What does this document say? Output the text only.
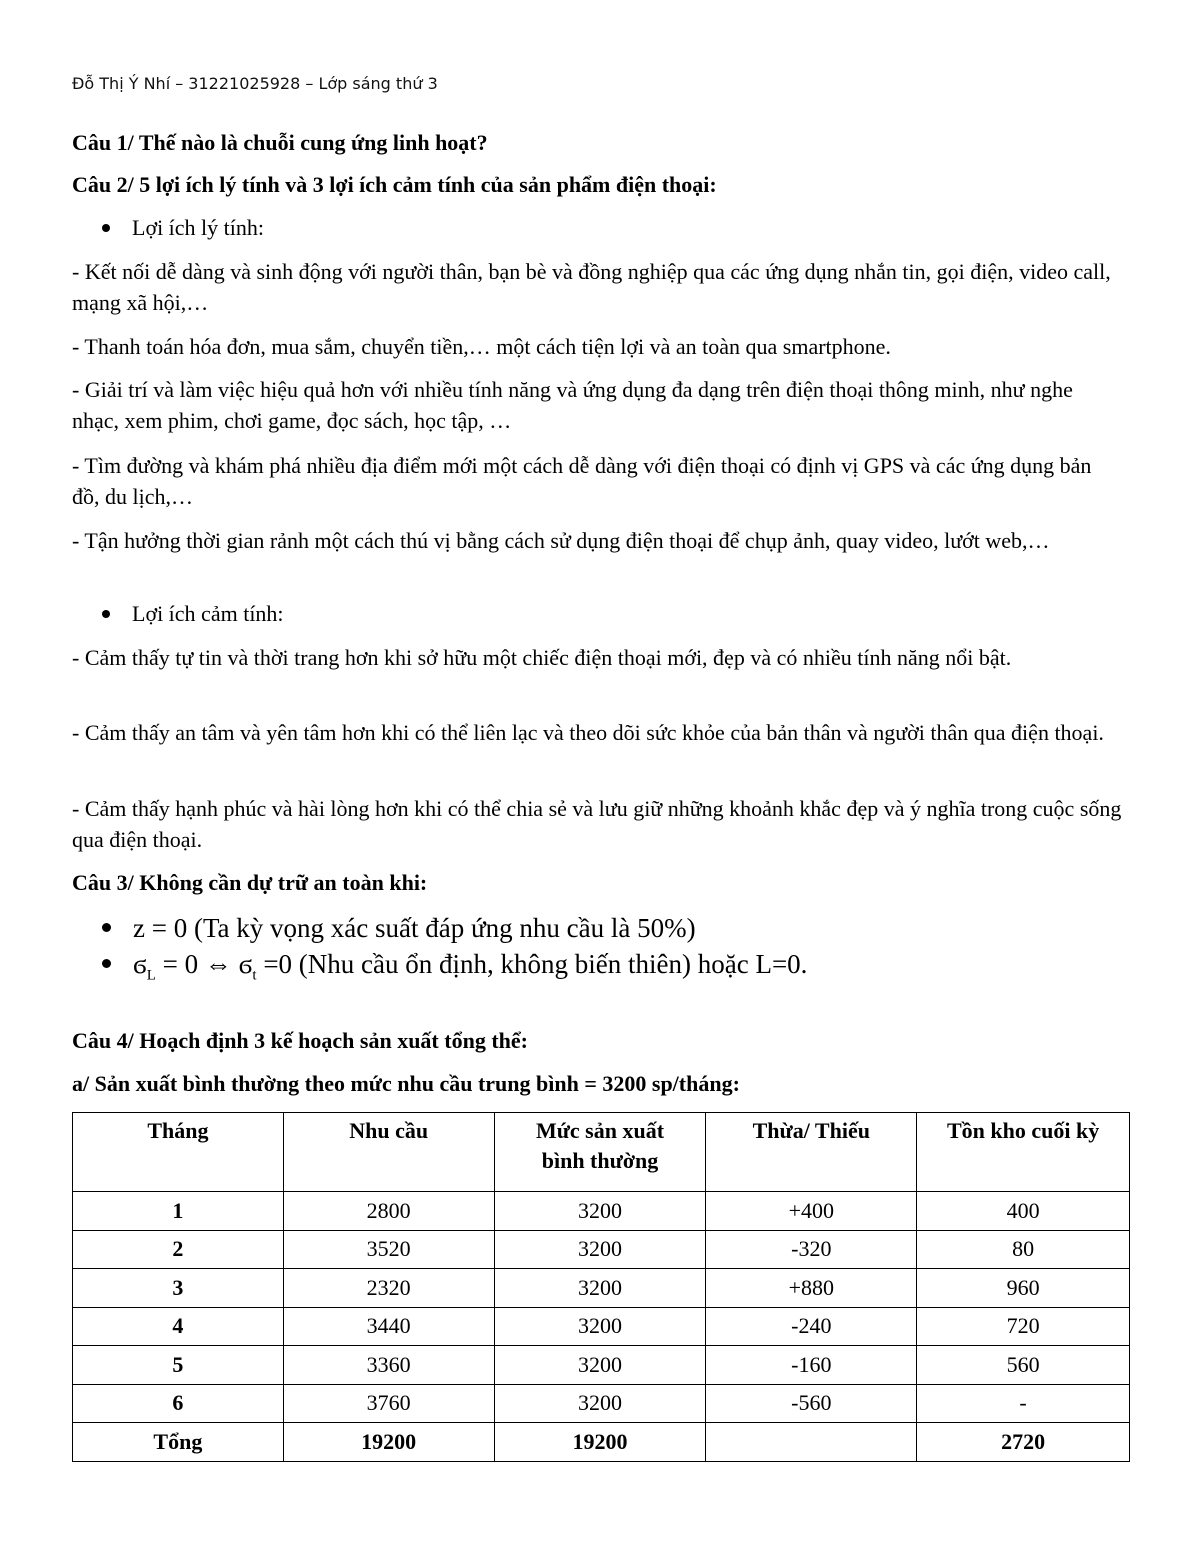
Đỗ Thị Ý Nhí – 31221025928 – Lớp sáng thứ 3
Câu 1/ Thế nào là chuỗi cung ứng linh hoạt?
Câu 2/ 5 lợi ích lý tính và 3 lợi ích cảm tính của sản phẩm điện thoại:
Lợi ích lý tính:
- Kết nối dễ dàng và sinh động với người thân, bạn bè và đồng nghiệp qua các ứng dụng nhắn tin, gọi điện, video call, mạng xã hội,…
- Thanh toán hóa đơn, mua sắm, chuyển tiền,… một cách tiện lợi và an toàn qua smartphone.
- Giải trí và làm việc hiệu quả hơn với nhiều tính năng và ứng dụng đa dạng trên điện thoại thông minh, như nghe nhạc, xem phim, chơi game, đọc sách, học tập, …
- Tìm đường và khám phá nhiều địa điểm mới một cách dễ dàng với điện thoại có định vị GPS và các ứng dụng bản đồ, du lịch,…
- Tận hưởng thời gian rảnh một cách thú vị bằng cách sử dụng điện thoại để chụp ảnh, quay video, lướt web,…
Lợi ích cảm tính:
- Cảm thấy tự tin và thời trang hơn khi sở hữu một chiếc điện thoại mới, đẹp và có nhiều tính năng nổi bật.
- Cảm thấy an tâm và yên tâm hơn khi có thể liên lạc và theo dõi sức khỏe của bản thân và người thân qua điện thoại.
- Cảm thấy hạnh phúc và hài lòng hơn khi có thể chia sẻ và lưu giữ những khoảnh khắc đẹp và ý nghĩa trong cuộc sống qua điện thoại.
Câu 3/ Không cần dự trữ an toàn khi:
z = 0 (Ta kỳ vọng xác suất đáp ứng nhu cầu là 50%)
$ϭ_L = 0$ ⇔ $ϭ_t =0$ (Nhu cầu ổn định, không biến thiên) hoặc L=0.
Câu 4/ Hoạch định 3 kế hoạch sản xuất tổng thể:
a/ Sản xuất bình thường theo mức nhu cầu trung bình = 3200 sp/tháng:
Tháng	Nhu cầu	Mức sản xuất bình thường	Thừa/ Thiếu	Tồn kho cuối kỳ
1	2800	3200	+400	400
2	3520	3200	-320	80
3	2320	3200	+880	960
4	3440	3200	-240	720
5	3360	3200	-160	560
6	3760	3200	-560	-
Tổng	19200	19200		2720
